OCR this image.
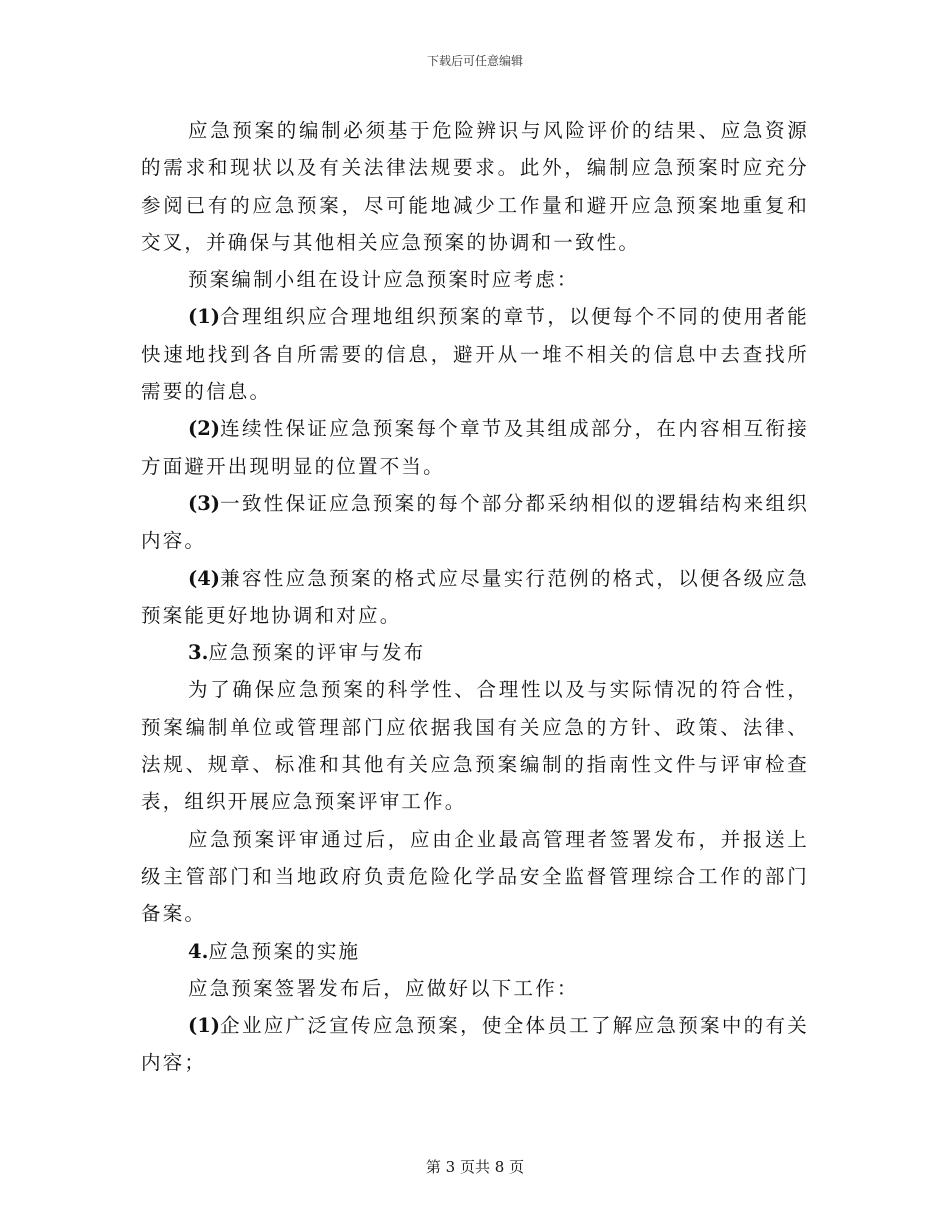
下载后可任意编辑

应急预案的编制必须基于危险辨识与风险评价的结果、应急资源的需求和现状以及有关法律法规要求。此外，编制应急预案时应充分参阅已有的应急预案，尽可能地减少工作量和避开应急预案地重复和交叉，并确保与其他相关应急预案的协调和一致性。

预案编制小组在设计应急预案时应考虑：

(1)合理组织应合理地组织预案的章节，以便每个不同的使用者能快速地找到各自所需要的信息，避开从一堆不相关的信息中去查找所需要的信息。

(2)连续性保证应急预案每个章节及其组成部分，在内容相互衔接方面避开出现明显的位置不当。

(3)一致性保证应急预案的每个部分都采纳相似的逻辑结构来组织内容。

(4)兼容性应急预案的格式应尽量实行范例的格式，以便各级应急预案能更好地协调和对应。

3.应急预案的评审与发布

为了确保应急预案的科学性、合理性以及与实际情况的符合性，预案编制单位或管理部门应依据我国有关应急的方针、政策、法律、法规、规章、标准和其他有关应急预案编制的指南性文件与评审检查表，组织开展应急预案评审工作。

应急预案评审通过后，应由企业最高管理者签署发布，并报送上级主管部门和当地政府负责危险化学品安全监督管理综合工作的部门备案。

4.应急预案的实施

应急预案签署发布后，应做好以下工作：

(1)企业应广泛宣传应急预案，使全体员工了解应急预案中的有关内容；

第 3 页共 8 页
